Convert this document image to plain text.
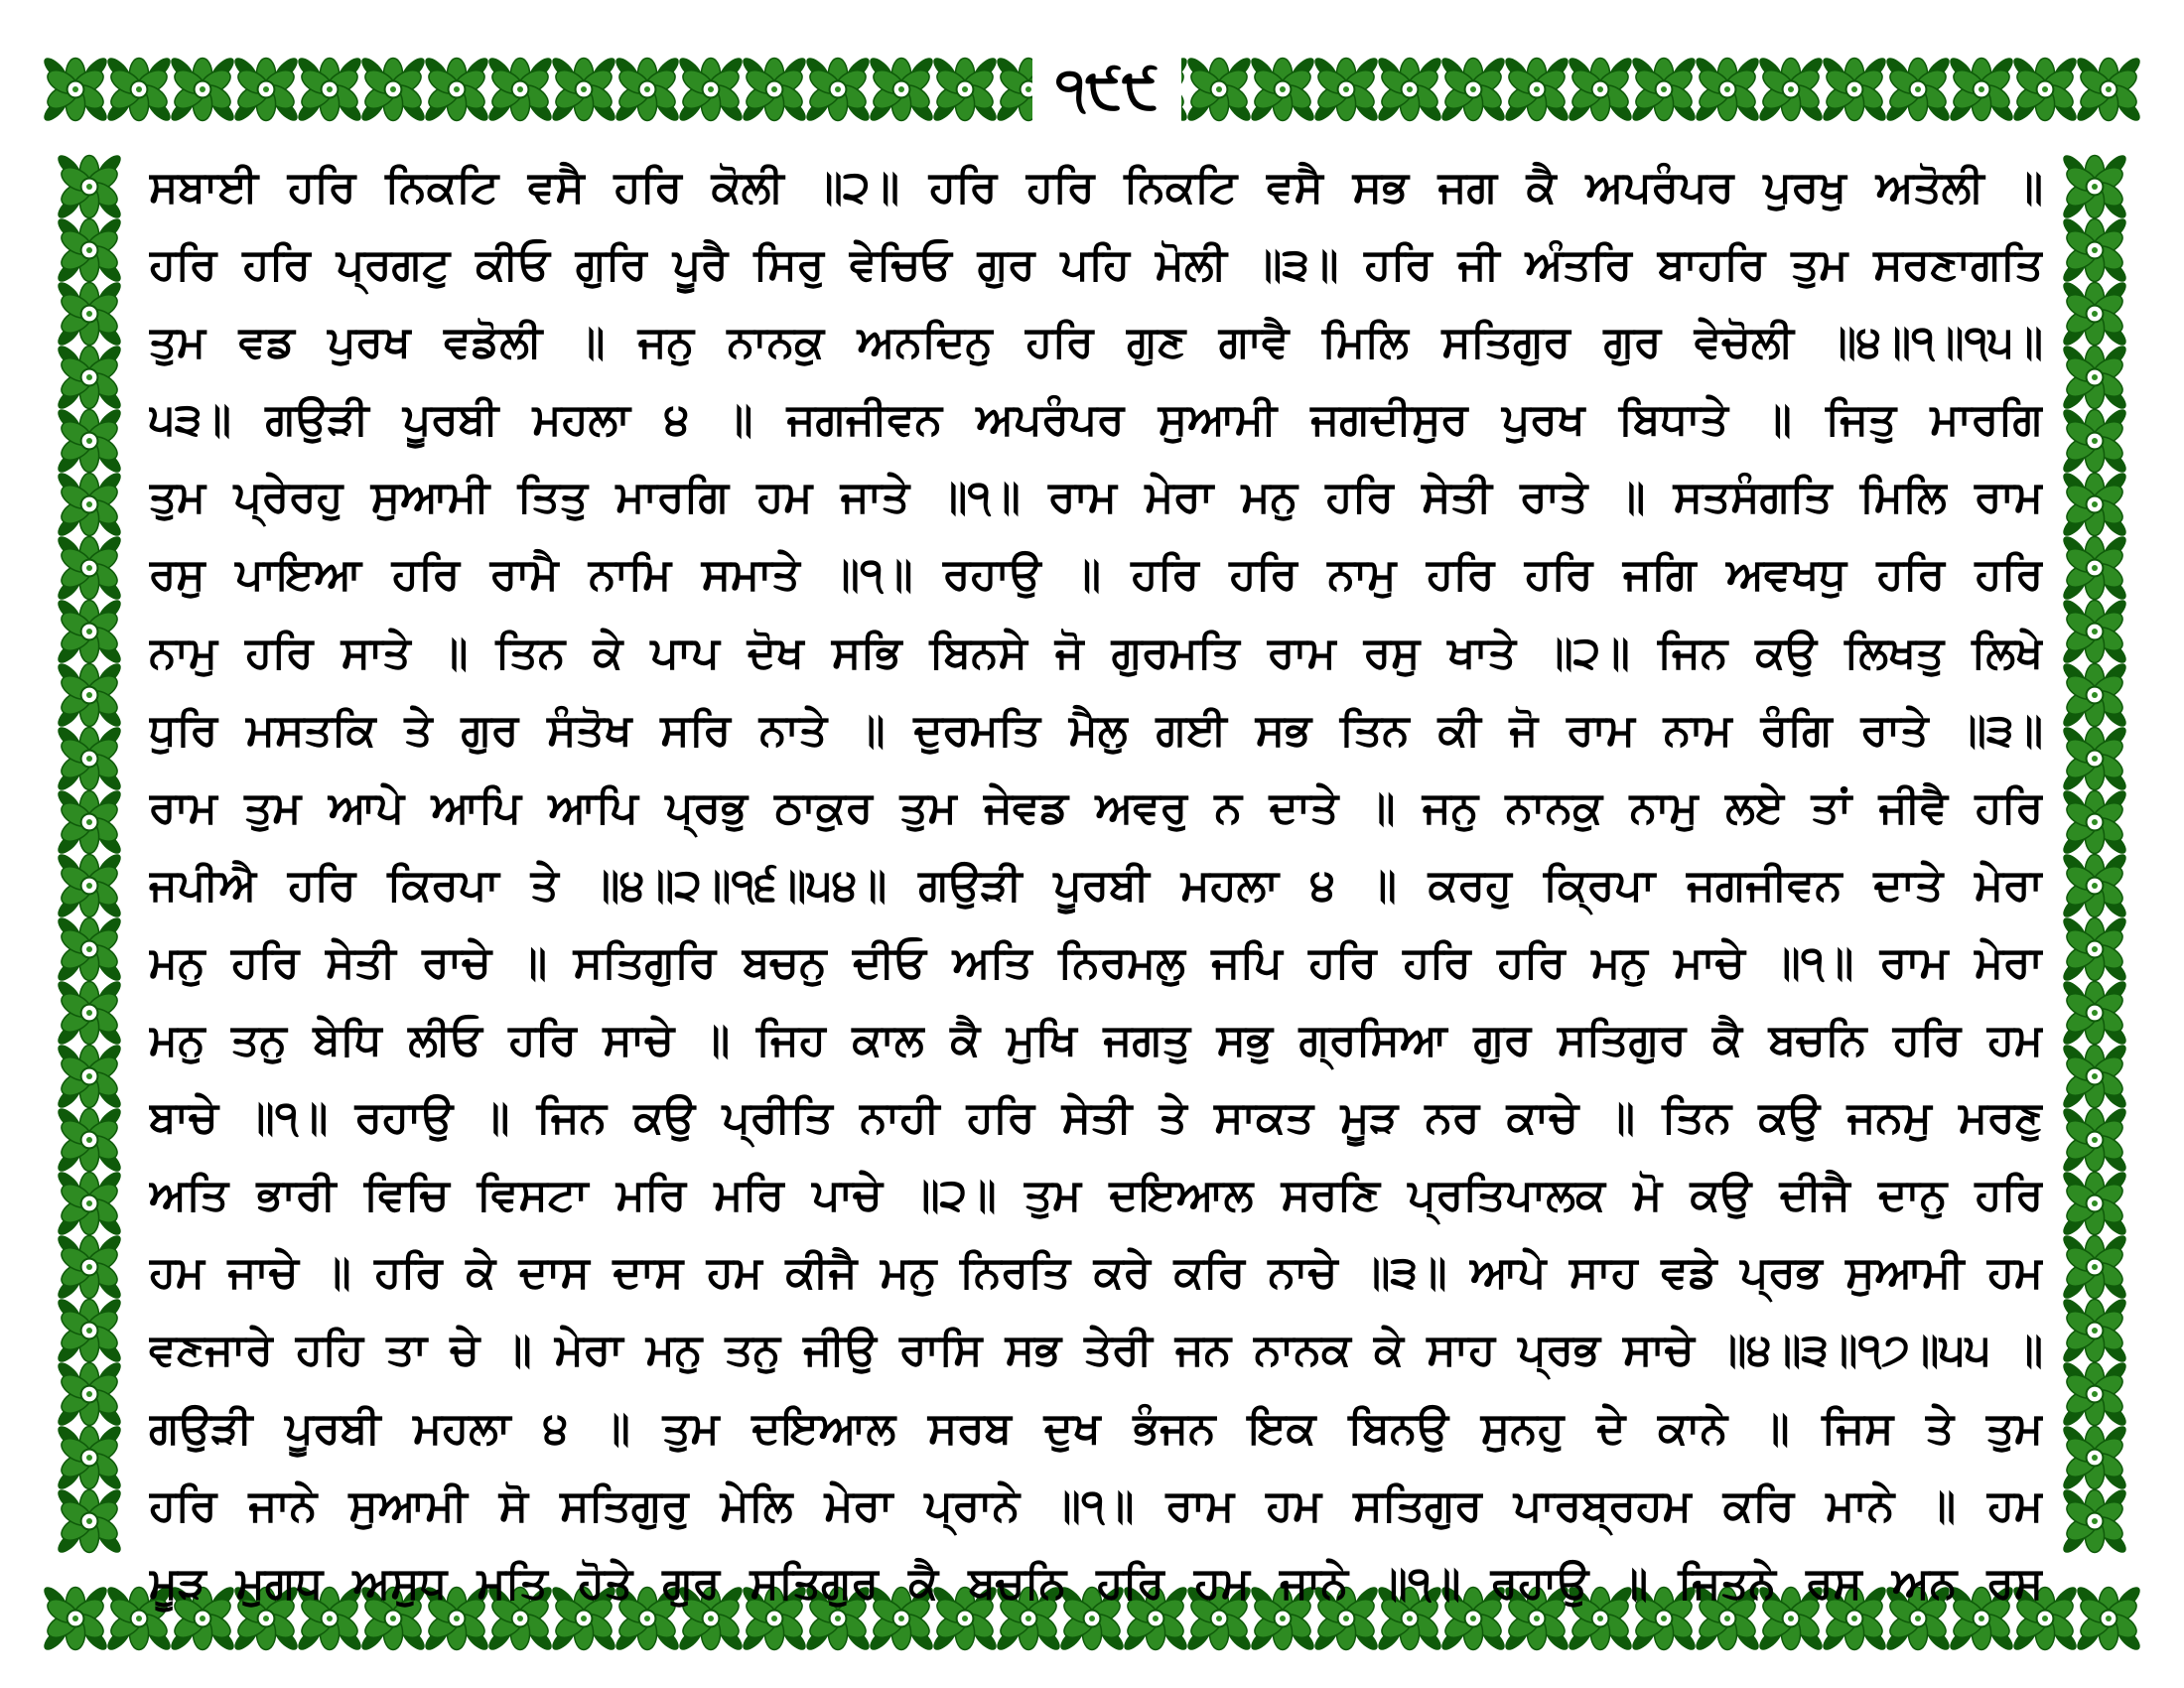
੧੯੯
ਸਬਾਈ ਹਰਿ ਨਿਕਟਿ ਵਸੈ ਹਰਿ ਕੋਲੀ ॥੨॥ ਹਰਿ ਹਰਿ ਨਿਕਟਿ ਵਸੈ ਸਭ ਜਗ ਕੈ ਅਪਰੰਪਰ ਪੁਰਖੁ ਅਤੋਲੀ ॥
ਹਰਿ ਹਰਿ ਪ੍ਰਗਟੁ ਕੀਓ ਗੁਰਿ ਪੂਰੈ ਸਿਰੁ ਵੇਚਿਓ ਗੁਰ ਪਹਿ ਮੋਲੀ ॥੩॥ ਹਰਿ ਜੀ ਅੰਤਰਿ ਬਾਹਰਿ ਤੁਮ ਸਰਣਾਗਤਿ
ਤੁਮ ਵਡ ਪੁਰਖ ਵਡੋਲੀ ॥ ਜਨੁ ਨਾਨਕੁ ਅਨਦਿਨੁ ਹਰਿ ਗੁਣ ਗਾਵੈ ਮਿਲਿ ਸਤਿਗੁਰ ਗੁਰ ਵੇਚੋਲੀ ॥੪॥੧॥੧੫॥
੫੩॥ ਗਉੜੀ ਪੂਰਬੀ ਮਹਲਾ ੪ ॥ ਜਗਜੀਵਨ ਅਪਰੰਪਰ ਸੁਆਮੀ ਜਗਦੀਸੁਰ ਪੁਰਖ ਬਿਧਾਤੇ ॥ ਜਿਤੁ ਮਾਰਗਿ
ਤੁਮ ਪ੍ਰੇਰਹੁ ਸੁਆਮੀ ਤਿਤੁ ਮਾਰਗਿ ਹਮ ਜਾਤੇ ॥੧॥ ਰਾਮ ਮੇਰਾ ਮਨੁ ਹਰਿ ਸੇਤੀ ਰਾਤੇ ॥ ਸਤਸੰਗਤਿ ਮਿਲਿ ਰਾਮ
ਰਸੁ ਪਾਇਆ ਹਰਿ ਰਾਮੈ ਨਾਮਿ ਸਮਾਤੇ ॥੧॥ ਰਹਾਉ ॥ ਹਰਿ ਹਰਿ ਨਾਮੁ ਹਰਿ ਹਰਿ ਜਗਿ ਅਵਖਧੁ ਹਰਿ ਹਰਿ
ਨਾਮੁ ਹਰਿ ਸਾਤੇ ॥ ਤਿਨ ਕੇ ਪਾਪ ਦੋਖ ਸਭਿ ਬਿਨਸੇ ਜੋ ਗੁਰਮਤਿ ਰਾਮ ਰਸੁ ਖਾਤੇ ॥੨॥ ਜਿਨ ਕਉ ਲਿਖਤੁ ਲਿਖੇ
ਧੁਰਿ ਮਸਤਕਿ ਤੇ ਗੁਰ ਸੰਤੋਖ ਸਰਿ ਨਾਤੇ ॥ ਦੁਰਮਤਿ ਮੈਲੁ ਗਈ ਸਭ ਤਿਨ ਕੀ ਜੋ ਰਾਮ ਨਾਮ ਰੰਗਿ ਰਾਤੇ ॥੩॥
ਰਾਮ ਤੁਮ ਆਪੇ ਆਪਿ ਆਪਿ ਪ੍ਰਭੁ ਠਾਕੁਰ ਤੁਮ ਜੇਵਡ ਅਵਰੁ ਨ ਦਾਤੇ ॥ ਜਨੁ ਨਾਨਕੁ ਨਾਮੁ ਲਏ ਤਾਂ ਜੀਵੈ ਹਰਿ
ਜਪੀਐ ਹਰਿ ਕਿਰਪਾ ਤੇ ॥੪॥੨॥੧੬॥੫੪॥ ਗਉੜੀ ਪੂਰਬੀ ਮਹਲਾ ੪ ॥ ਕਰਹੁ ਕ੍ਰਿਪਾ ਜਗਜੀਵਨ ਦਾਤੇ ਮੇਰਾ
ਮਨੁ ਹਰਿ ਸੇਤੀ ਰਾਚੇ ॥ ਸਤਿਗੁਰਿ ਬਚਨੁ ਦੀਓ ਅਤਿ ਨਿਰਮਲੁ ਜਪਿ ਹਰਿ ਹਰਿ ਹਰਿ ਮਨੁ ਮਾਚੇ ॥੧॥ ਰਾਮ ਮੇਰਾ
ਮਨੁ ਤਨੁ ਬੇਧਿ ਲੀਓ ਹਰਿ ਸਾਚੇ ॥ ਜਿਹ ਕਾਲ ਕੈ ਮੁਖਿ ਜਗਤੁ ਸਭੁ ਗ੍ਰਸਿਆ ਗੁਰ ਸਤਿਗੁਰ ਕੈ ਬਚਨਿ ਹਰਿ ਹਮ
ਬਾਚੇ ॥੧॥ ਰਹਾਉ ॥ ਜਿਨ ਕਉ ਪ੍ਰੀਤਿ ਨਾਹੀ ਹਰਿ ਸੇਤੀ ਤੇ ਸਾਕਤ ਮੂੜ ਨਰ ਕਾਚੇ ॥ ਤਿਨ ਕਉ ਜਨਮੁ ਮਰਣੁ
ਅਤਿ ਭਾਰੀ ਵਿਚਿ ਵਿਸਟਾ ਮਰਿ ਮਰਿ ਪਾਚੇ ॥੨॥ ਤੁਮ ਦਇਆਲ ਸਰਣਿ ਪ੍ਰਤਿਪਾਲਕ ਮੋ ਕਉ ਦੀਜੈ ਦਾਨੁ ਹਰਿ
ਹਮ ਜਾਚੇ ॥ ਹਰਿ ਕੇ ਦਾਸ ਦਾਸ ਹਮ ਕੀਜੈ ਮਨੁ ਨਿਰਤਿ ਕਰੇ ਕਰਿ ਨਾਚੇ ॥੩॥ ਆਪੇ ਸਾਹ ਵਡੇ ਪ੍ਰਭ ਸੁਆਮੀ ਹਮ
ਵਣਜਾਰੇ ਹਹਿ ਤਾ ਚੇ ॥ ਮੇਰਾ ਮਨੁ ਤਨੁ ਜੀਉ ਰਾਸਿ ਸਭ ਤੇਰੀ ਜਨ ਨਾਨਕ ਕੇ ਸਾਹ ਪ੍ਰਭ ਸਾਚੇ ॥੪॥੩॥੧੭॥੫੫ ॥
ਗਉੜੀ ਪੂਰਬੀ ਮਹਲਾ ੪ ॥ ਤੁਮ ਦਇਆਲ ਸਰਬ ਦੁਖ ਭੰਜਨ ਇਕ ਬਿਨਉ ਸੁਨਹੁ ਦੇ ਕਾਨੇ ॥ ਜਿਸ ਤੇ ਤੁਮ
ਹਰਿ ਜਾਨੇ ਸੁਆਮੀ ਸੋ ਸਤਿਗੁਰੁ ਮੇਲਿ ਮੇਰਾ ਪ੍ਰਾਨੇ ॥੧॥ ਰਾਮ ਹਮ ਸਤਿਗੁਰ ਪਾਰਬ੍ਰਹਮ ਕਰਿ ਮਾਨੇ ॥ ਹਮ
ਮੂੜ ਮੁਗਧ ਅਸੁਧ ਮਤਿ ਹੋਤੇ ਗੁਰ ਸਤਿਗੁਰ ਕੈ ਬਚਨਿ ਹਰਿ ਹਮ ਜਾਨੇ ॥੧॥ ਰਹਾਉ ॥ ਜਿਤਨੇ ਰਸ ਅਨ ਰਸ
